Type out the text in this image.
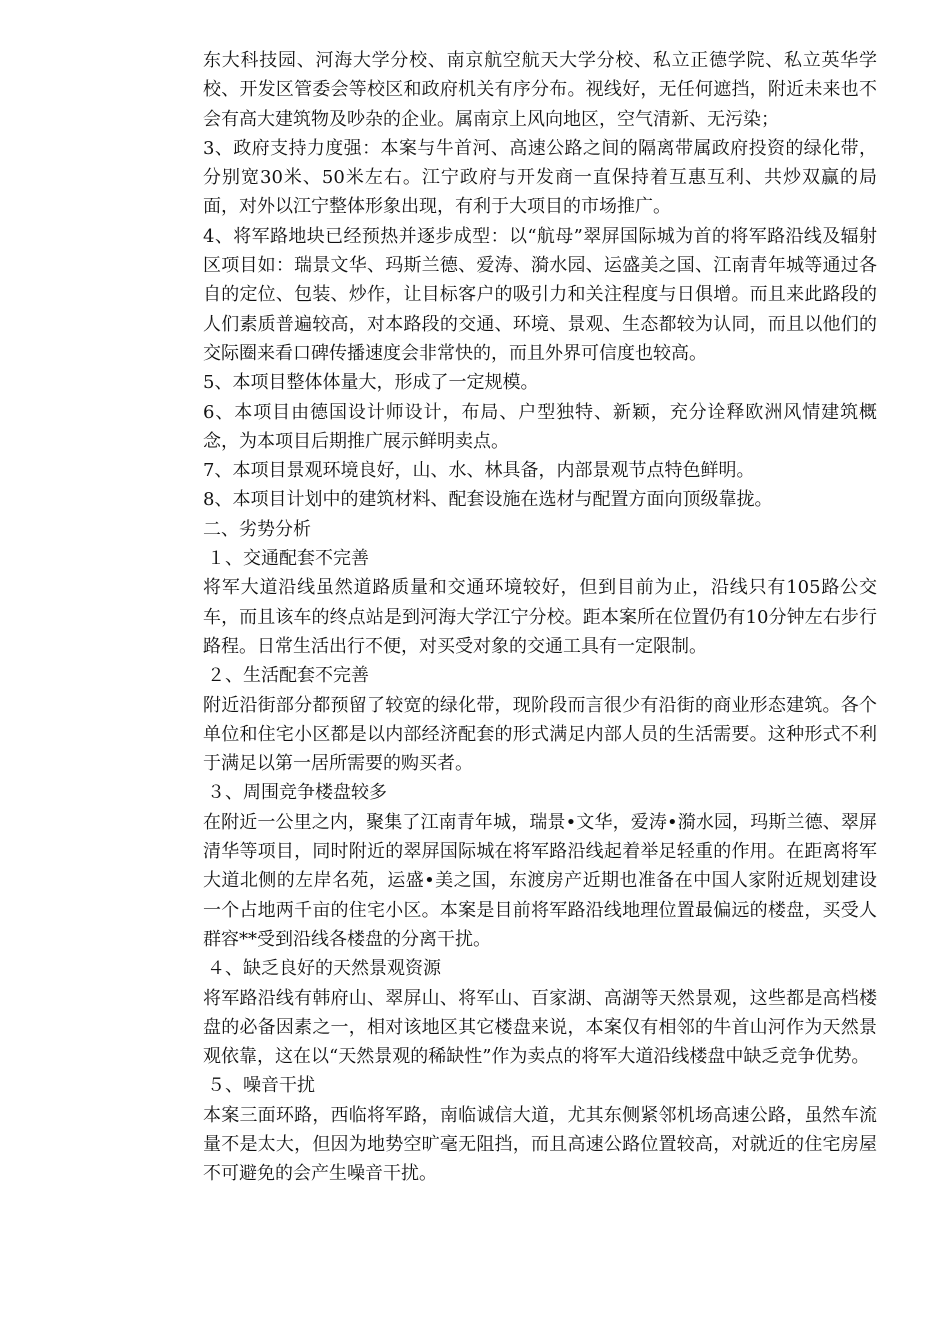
东大科技园、河海大学分校、南京航空航天大学分校、私立正德学院、私立英华学校、开发区管委会等校区和政府机关有序分布。视线好，无任何遮挡，附近未来也不会有高大建筑物及吵杂的企业。属南京上风向地区，空气清新、无污染；

3、政府支持力度强：本案与牛首河、高速公路之间的隔离带属政府投资的绿化带，分别宽30米、50米左右。江宁政府与开发商一直保持着互惠互利、共炒双赢的局面，对外以江宁整体形象出现，有利于大项目的市场推广。

4、将军路地块已经预热并逐步成型：以“航母”翠屏国际城为首的将军路沿线及辐射区项目如：瑞景文华、玛斯兰德、爱涛、漪水园、运盛美之国、江南青年城等通过各自的定位、包装、炒作，让目标客户的吸引力和关注程度与日俱增。而且来此路段的人们素质普遍较高，对本路段的交通、环境、景观、生态都较为认同，而且以他们的交际圈来看口碑传播速度会非常快的，而且外界可信度也较高。

5、本项目整体体量大，形成了一定规模。

6、本项目由德国设计师设计，布局、户型独特、新颖，充分诠释欧洲风情建筑概念，为本项目后期推广展示鲜明卖点。

7、本项目景观环境良好，山、水、林具备，内部景观节点特色鲜明。

8、本项目计划中的建筑材料、配套设施在选材与配置方面向顶级靠拢。

二、劣势分析

１、交通配套不完善

将军大道沿线虽然道路质量和交通环境较好，但到目前为止，沿线只有105路公交车，而且该车的终点站是到河海大学江宁分校。距本案所在位置仍有10分钟左右步行路程。日常生活出行不便，对买受对象的交通工具有一定限制。

２、生活配套不完善

附近沿街部分都预留了较宽的绿化带，现阶段而言很少有沿街的商业形态建筑。各个单位和住宅小区都是以内部经济配套的形式满足内部人员的生活需要。这种形式不利于满足以第一居所需要的购买者。

３、周围竞争楼盘较多

在附近一公里之内，聚集了江南青年城，瑞景•文华，爱涛•漪水园，玛斯兰德、翠屏清华等项目，同时附近的翠屏国际城在将军路沿线起着举足轻重的作用。在距离将军大道北侧的左岸名苑，运盛•美之国，东渡房产近期也准备在中国人家附近规划建设一个占地两千亩的住宅小区。本案是目前将军路沿线地理位置最偏远的楼盘，买受人群容**受到沿线各楼盘的分离干扰。

４、缺乏良好的天然景观资源

将军路沿线有韩府山、翠屏山、将军山、百家湖、高湖等天然景观，这些都是高档楼盘的必备因素之一，相对该地区其它楼盘来说，本案仅有相邻的牛首山河作为天然景观依靠，这在以“天然景观的稀缺性”作为卖点的将军大道沿线楼盘中缺乏竞争优势。

５、噪音干扰

本案三面环路，西临将军路，南临诚信大道，尤其东侧紧邻机场高速公路，虽然车流量不是太大，但因为地势空旷毫无阻挡，而且高速公路位置较高，对就近的住宅房屋不可避免的会产生噪音干扰。
